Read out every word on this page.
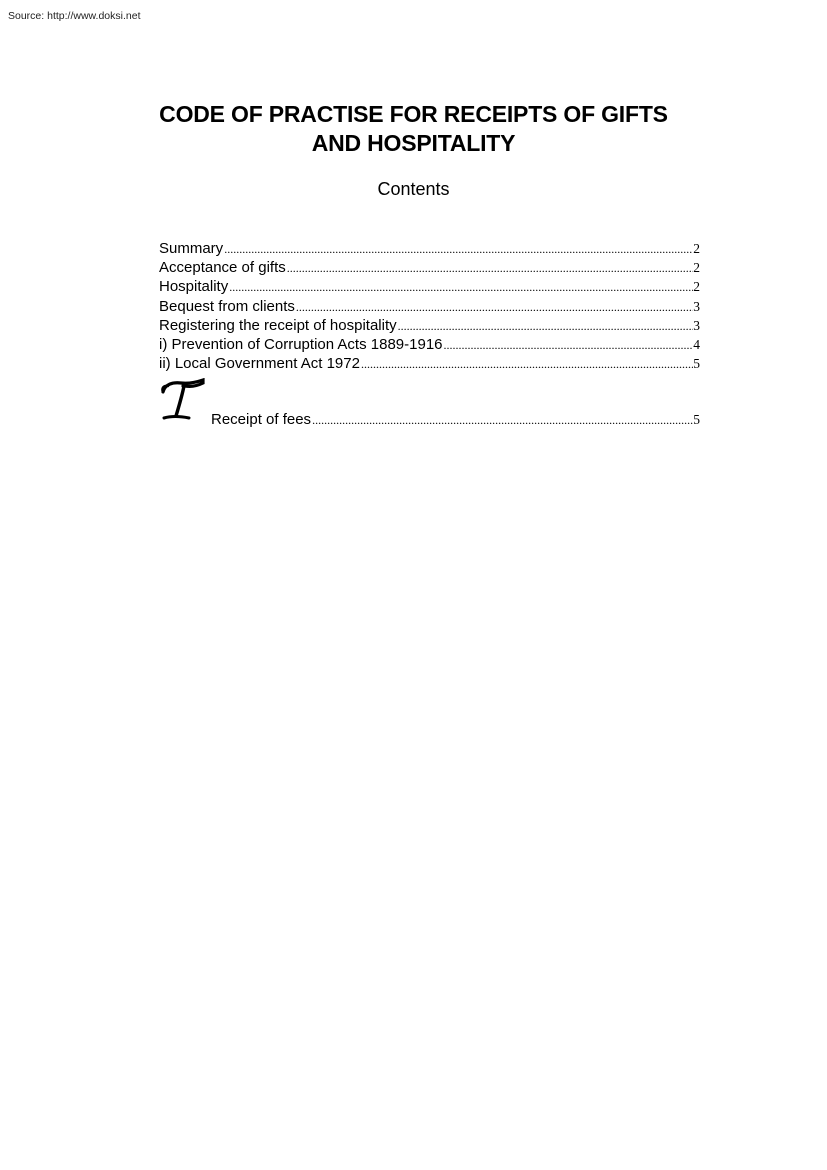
Source: http://www.doksi.net
CODE OF PRACTISE FOR RECEIPTS OF GIFTS
AND HOSPITALITY
Contents
Summary .....	2
Acceptance of gifts .....	2
Hospitality .....	2
Bequest from clients .....	3
Registering the receipt of hospitality .....	3
i) Prevention of Corruption Acts 1889-1916 .....	4
ii) Local Government Act 1972 .....	5
Receipt of fees .....	5
